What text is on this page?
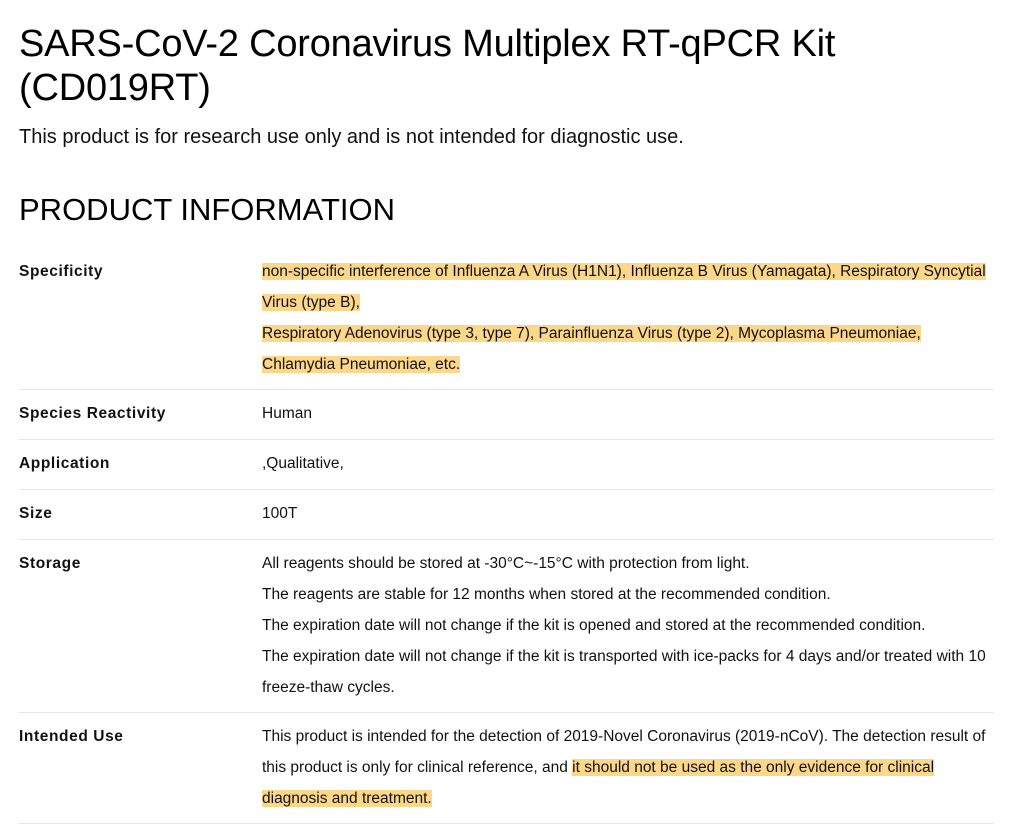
SARS-CoV-2 Coronavirus Multiplex RT-qPCR Kit (CD019RT)

This product is for research use only and is not intended for diagnostic use.

PRODUCT INFORMATION
Specificity	non-specific interference of Influenza A Virus (H1N1), Influenza B Virus (Yamagata), Respiratory Syncytial Virus (type B),
Respiratory Adenovirus (type 3, type 7), Parainfluenza Virus (type 2), Mycoplasma Pneumoniae, Chlamydia Pneumoniae, etc.

Species Reactivity	Human
Application	,Qualitative,
Size	100T
Storage	All reagents should be stored at -30°C~-15°C with protection from light.
The reagents are stable for 12 months when stored at the recommended condition.
The expiration date will not change if the kit is opened and stored at the recommended condition.
The expiration date will not change if the kit is transported with ice-packs for 4 days and/or treated with 10 freeze-thaw cycles.

Intended Use	This product is intended for the detection of 2019-Novel Coronavirus (2019-nCoV). The detection result of this product is only for clinical reference, and it should not be used as the only evidence for clinical diagnosis and treatment.
